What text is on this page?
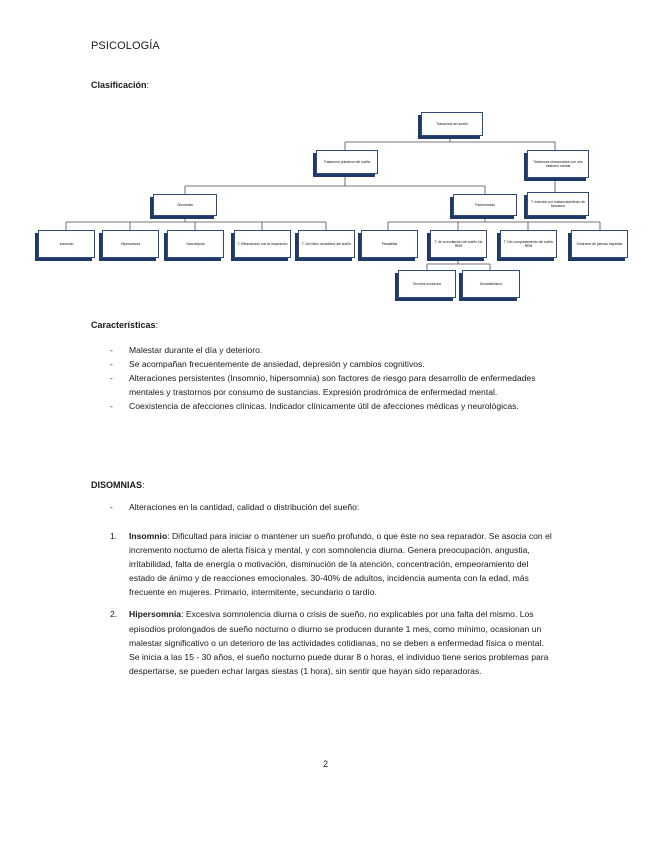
PSICOLOGÍA
Clasificación:
Trastornos del sueño
Trastornos primarios del sueño	Trastornos relacionados con otro trastorno mental
T. inducido por sustancias/efecto de fármacos
Disomnias	Parasomnias
Insomnio	Hipersomnia	Narcolepsia	T. Relacionado con la respiración	T. Del ritmo circadiano del sueño	Pesadillas	T. de la excitación del sueño No REM
T. Del comportamiento del sueño REM	Síndrome de piernas inquietas
Terrores nocturnos	Sonambulismo
Características:
- Malestar durante el día y deterioro.
- Se acompañan frecuentemente de ansiedad, depresión y cambios cognitivos.
- Alteraciones persistentes (Insomnio, hipersomnia) son factores de riesgo para desarrollo de enfermedades mentales y trastornos por consumo de sustancias. Expresión prodrómica de enfermedad mental.
- Coexistencia de afecciones clínicas. Indicador clínicamente útil de afecciones médicas y neurológicas.
DISOMNIAS:
- Alteraciones en la cantidad, calidad o distribución del sueño:
1. Insomnio: Dificultad para iniciar o mantener un sueño profundo, o que éste no sea reparador. Se asocia con el incremento nocturno de alerta física y mental, y con somnolencia diurna. Genera preocupación, angustia, irritabilidad, falta de energía o motivación, disminución de la atención, concentración, empeoramiento del estado de ánimo y de reacciones emocionales. 30-40% de adultos, incidencia aumenta con la edad, más frecuente en mujeres. Primario, intermitente, secundario o tardío.
2. Hipersomnia: Excesiva somnolencia diurna o crisis de sueño, no explicables por una falta del mismo. Los episodios prolongados de sueño nocturno o diurno se producen durante 1 mes, como mínimo, ocasionan un malestar significativo o un deterioro de las actividades cotidianas, no se deben a enfermedad física o mental. Se inicia a las 15 - 30 años, el sueño nocturno puede durar 8 o horas, el individuo tiene serios problemas para despertarse, se pueden echar largas siestas (1 hora), sin sentir que hayan sido reparadoras.
2
